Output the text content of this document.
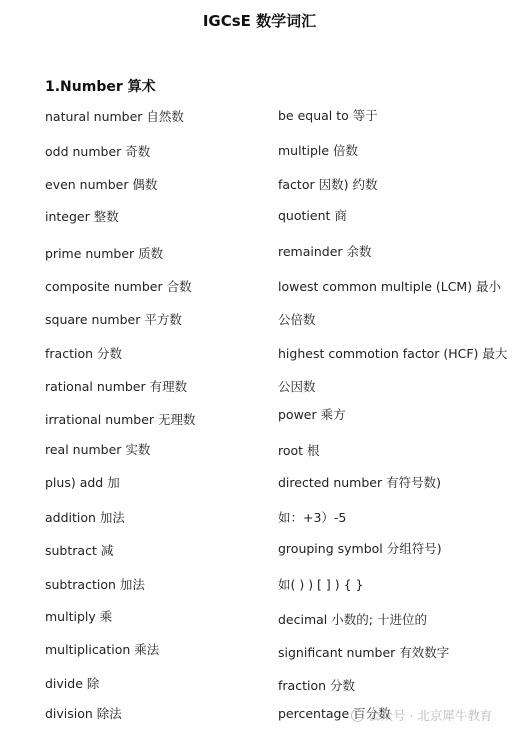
IGCsE 数学词汇
1.Number 算术
natural number 自然数
odd number 奇数
even number 偶数
integer 整数
prime number 质数
composite number 合数
square number 平方数
fraction 分数
rational number 有理数
irrational number 无理数
real number 实数
plus) add 加
addition 加法
subtract 减
subtraction 加法
multiply 乘
multiplication 乘法
divide 除
division 除法
be equal to 等于
multiple 倍数
factor 因数) 约数
quotient 商
remainder 余数
lowest common multiple (LCM) 最小
公倍数
highest commotion factor (HCF) 最大
公因数
power 乘方
root 根
directed number 有符号数)
如：+3）-5
grouping symbol 分组符号)
如( ) ) [ ] ) { }
decimal 小数的; 十进位的
significant number 有效数字
fraction 分数
percentage 百分数
公众号 · 北京犀牛教育
